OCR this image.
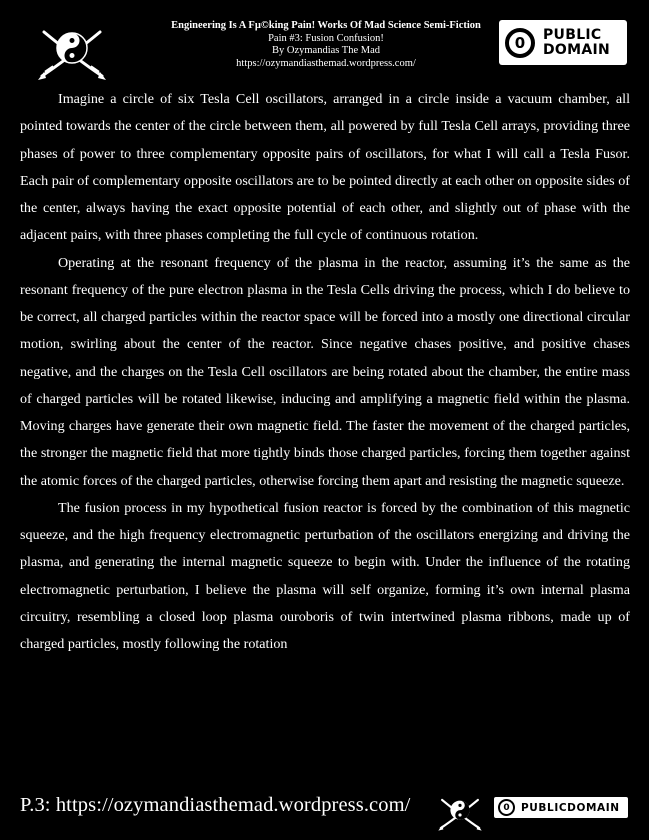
Engineering Is A Fµ©king Pain! Works Of Mad Science Semi-Fiction
Pain #3: Fusion Confusion!
By Ozymandias The Mad
https://ozymandiasthemad.wordpress.com/
0	PUBLIC
DOMAIN

Imagine a circle of six Tesla Cell oscillators, arranged in a circle inside a vacuum chamber, all pointed towards the center of the circle between them, all powered by full Tesla Cell arrays, providing three phases of power to three complementary opposite pairs of oscillators, for what I will call a Tesla Fusor. Each pair of complementary opposite oscillators are to be pointed directly at each other on opposite sides of the center, always having the exact opposite potential of each other, and slightly out of phase with the adjacent pairs, with three phases completing the full cycle of continuous rotation.

Operating at the resonant frequency of the plasma in the reactor, assuming it’s the same as the resonant frequency of the pure electron plasma in the Tesla Cells driving the process, which I do believe to be correct, all charged particles within the reactor space will be forced into a mostly one directional circular motion, swirling about the center of the reactor. Since negative chases positive, and positive chases negative, and the charges on the Tesla Cell oscillators are being rotated about the chamber, the entire mass of charged particles will be rotated likewise, inducing and amplifying a magnetic field within the plasma. Moving charges have generate their own magnetic field. The faster the movement of the charged particles, the stronger the magnetic field that more tightly binds those charged particles, forcing them together against the atomic forces of the charged particles, otherwise forcing them apart and resisting the magnetic squeeze.

The fusion process in my hypothetical fusion reactor is forced by the combination of this magnetic squeeze, and the high frequency electromagnetic perturbation of the oscillators energizing and driving the plasma, and generating the internal magnetic squeeze to begin with. Under the influence of the rotating electromagnetic perturbation, I believe the plasma will self organize, forming it’s own internal plasma circuitry, resembling a closed loop plasma ouroboris of twin intertwined plasma ribbons, made up of charged particles, mostly following the rotation

P.3: https://ozymandiasthemad.wordpress.com/	0	PUBLICDOMAIN
